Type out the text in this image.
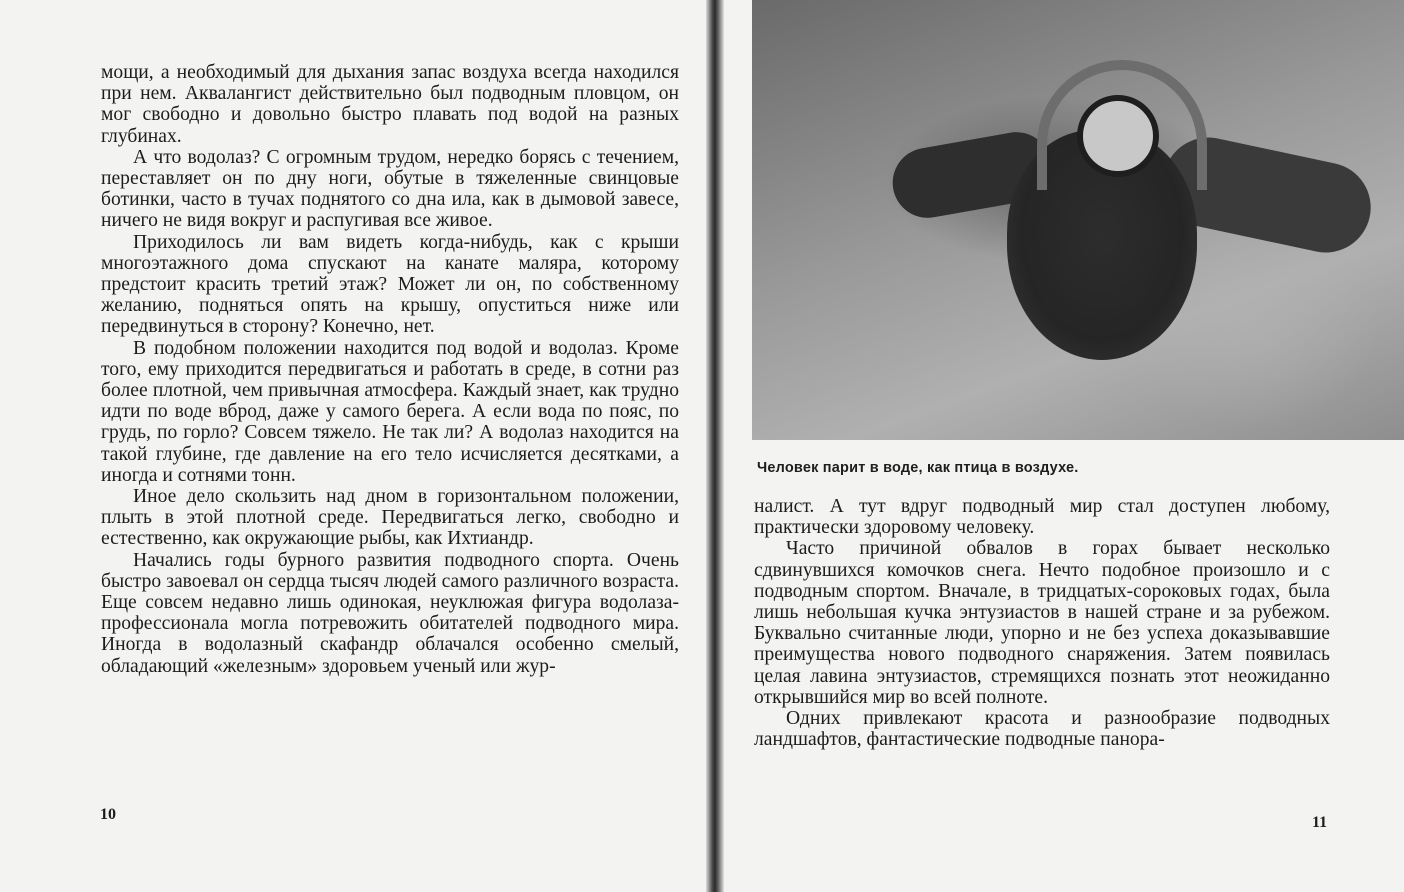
мощи, а необходимый для дыхания запас воздуха всегда находился при нем. Аквалангист действительно был подводным пловцом, он мог свободно и довольно быстро плавать под водой на разных глубинах.

А что водолаз? С огромным трудом, нередко борясь с течением, переставляет он по дну ноги, обутые в тяжеленные свинцовые ботинки, часто в тучах поднятого со дна ила, как в дымовой завесе, ничего не видя вокруг и распугивая все живое.

Приходилось ли вам видеть когда-нибудь, как с крыши многоэтажного дома спускают на канате маляра, которому предстоит красить третий этаж? Может ли он, по собственному желанию, подняться опять на крышу, опуститься ниже или передвинуться в сторону? Конечно, нет.

В подобном положении находится под водой и водолаз. Кроме того, ему приходится передвигаться и работать в среде, в сотни раз более плотной, чем привычная атмосфера. Каждый знает, как трудно идти по воде вброд, даже у самого берега. А если вода по пояс, по грудь, по горло? Совсем тяжело. Не так ли? А водолаз находится на такой глубине, где давление на его тело исчисляется десятками, а иногда и сотнями тонн.

Иное дело скользить над дном в горизонтальном положении, плыть в этой плотной среде. Передвигаться легко, свободно и естественно, как окружающие рыбы, как Ихтиандр.

Начались годы бурного развития подводного спорта. Очень быстро завоевал он сердца тысяч людей самого различного возраста. Еще совсем недавно лишь одинокая, неуклюжая фигура водолаза-профессионала могла потревожить обитателей подводного мира. Иногда в водолазный скафандр облачался особенно смелый, обладающий «железным» здоровьем ученый или жур-

10
Человек парит в воде, как птица в воздухе.

налист. А тут вдруг подводный мир стал доступен любому, практически здоровому человеку.

Часто причиной обвалов в горах бывает несколько сдвинувшихся комочков снега. Нечто подобное произошло и с подводным спортом. Вначале, в тридцатых-сороковых годах, была лишь небольшая кучка энтузиастов в нашей стране и за рубежом. Буквально считанные люди, упорно и не без успеха доказывавшие преимущества нового подводного снаряжения. Затем появилась целая лавина энтузиастов, стремящихся познать этот неожиданно открывшийся мир во всей полноте.

Одних привлекают красота и разнообразие подводных ландшафтов, фантастические подводные панора-

11
